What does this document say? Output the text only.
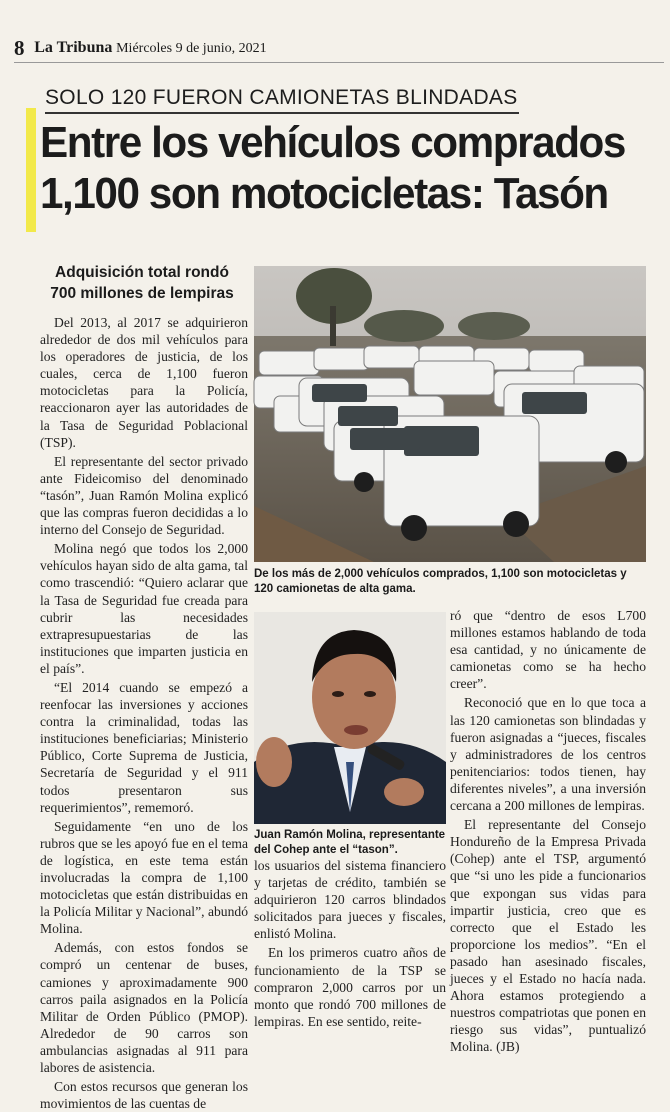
8 La Tribuna Miércoles 9 de junio, 2021
SOLO 120 FUERON CAMIONETAS BLINDADAS
Entre los vehículos comprados
1,100 son motocicletas: Tasón
Adquisición total rondó 700 millones de lempiras

Del 2013, al 2017 se adquirieron alrededor de dos mil vehículos para los operadores de justicia, de los cuales, cerca de 1,100 fueron motocicletas para la Policía, reaccionaron ayer las autoridades de la Tasa de Seguridad Poblacional (TSP).

El representante del sector privado ante Fideicomiso del denominado “tasón”, Juan Ramón Molina explicó que las compras fueron decididas a lo interno del Consejo de Seguridad.

Molina negó que todos los 2,000 vehículos hayan sido de alta gama, tal como trascendió: “Quiero aclarar que la Tasa de Seguridad fue creada para cubrir las necesidades extrapresupuestarias de las instituciones que imparten justicia en el país”.

“El 2014 cuando se empezó a reenfocar las inversiones y acciones contra la criminalidad, todas las instituciones beneficiarias; Ministerio Público, Corte Suprema de Justicia, Secretaría de Seguridad y el 911 todos presentaron sus requerimientos”, rememoró.

Seguidamente “en uno de los rubros que se les apoyó fue en el tema de logística, en este tema están involucradas la compra de 1,100 motocicletas que están distribuidas en la Policía Militar y Nacional”, abundó Molina.

Además, con estos fondos se compró un centenar de buses, camiones y aproximadamente 900 carros paila asignados en la Policía Militar de Orden Público (PMOP). Alrededor de 90 carros son ambulancias asignadas al 911 para labores de asistencia.

Con estos recursos que generan los movimientos de las cuentas de

De los más de 2,000 vehículos comprados, 1,100 son motocicletas y 120 camionetas de alta gama.
Juan Ramón Molina, representante del Cohep ante el “tason”.

los usuarios del sistema financiero y tarjetas de crédito, también se adquirieron 120 carros blindados solicitados para jueces y fiscales, enlistó Molina.

En los primeros cuatro años de funcionamiento de la TSP se compraron 2,000 carros por un monto que rondó 700 millones de lempiras. En ese sentido, reite-

ró que “dentro de esos L700 millones estamos hablando de toda esa cantidad, y no únicamente de camionetas como se ha hecho creer”.

Reconoció que en lo que toca a las 120 camionetas son blindadas y fueron asignadas a “jueces, fiscales y administradores de los centros penitenciarios: todos tienen, hay diferentes niveles”, a una inversión cercana a 200 millones de lempiras.

El representante del Consejo Hondureño de la Empresa Privada (Cohep) ante el TSP, argumentó que “si uno les pide a funcionarios que expongan sus vidas para impartir justicia, creo que es correcto que el Estado les proporcione los medios”. “En el pasado han asesinado fiscales, jueces y el Estado no hacía nada. Ahora estamos protegiendo a nuestros compatriotas que ponen en riesgo sus vidas”, puntualizó Molina. (JB)
